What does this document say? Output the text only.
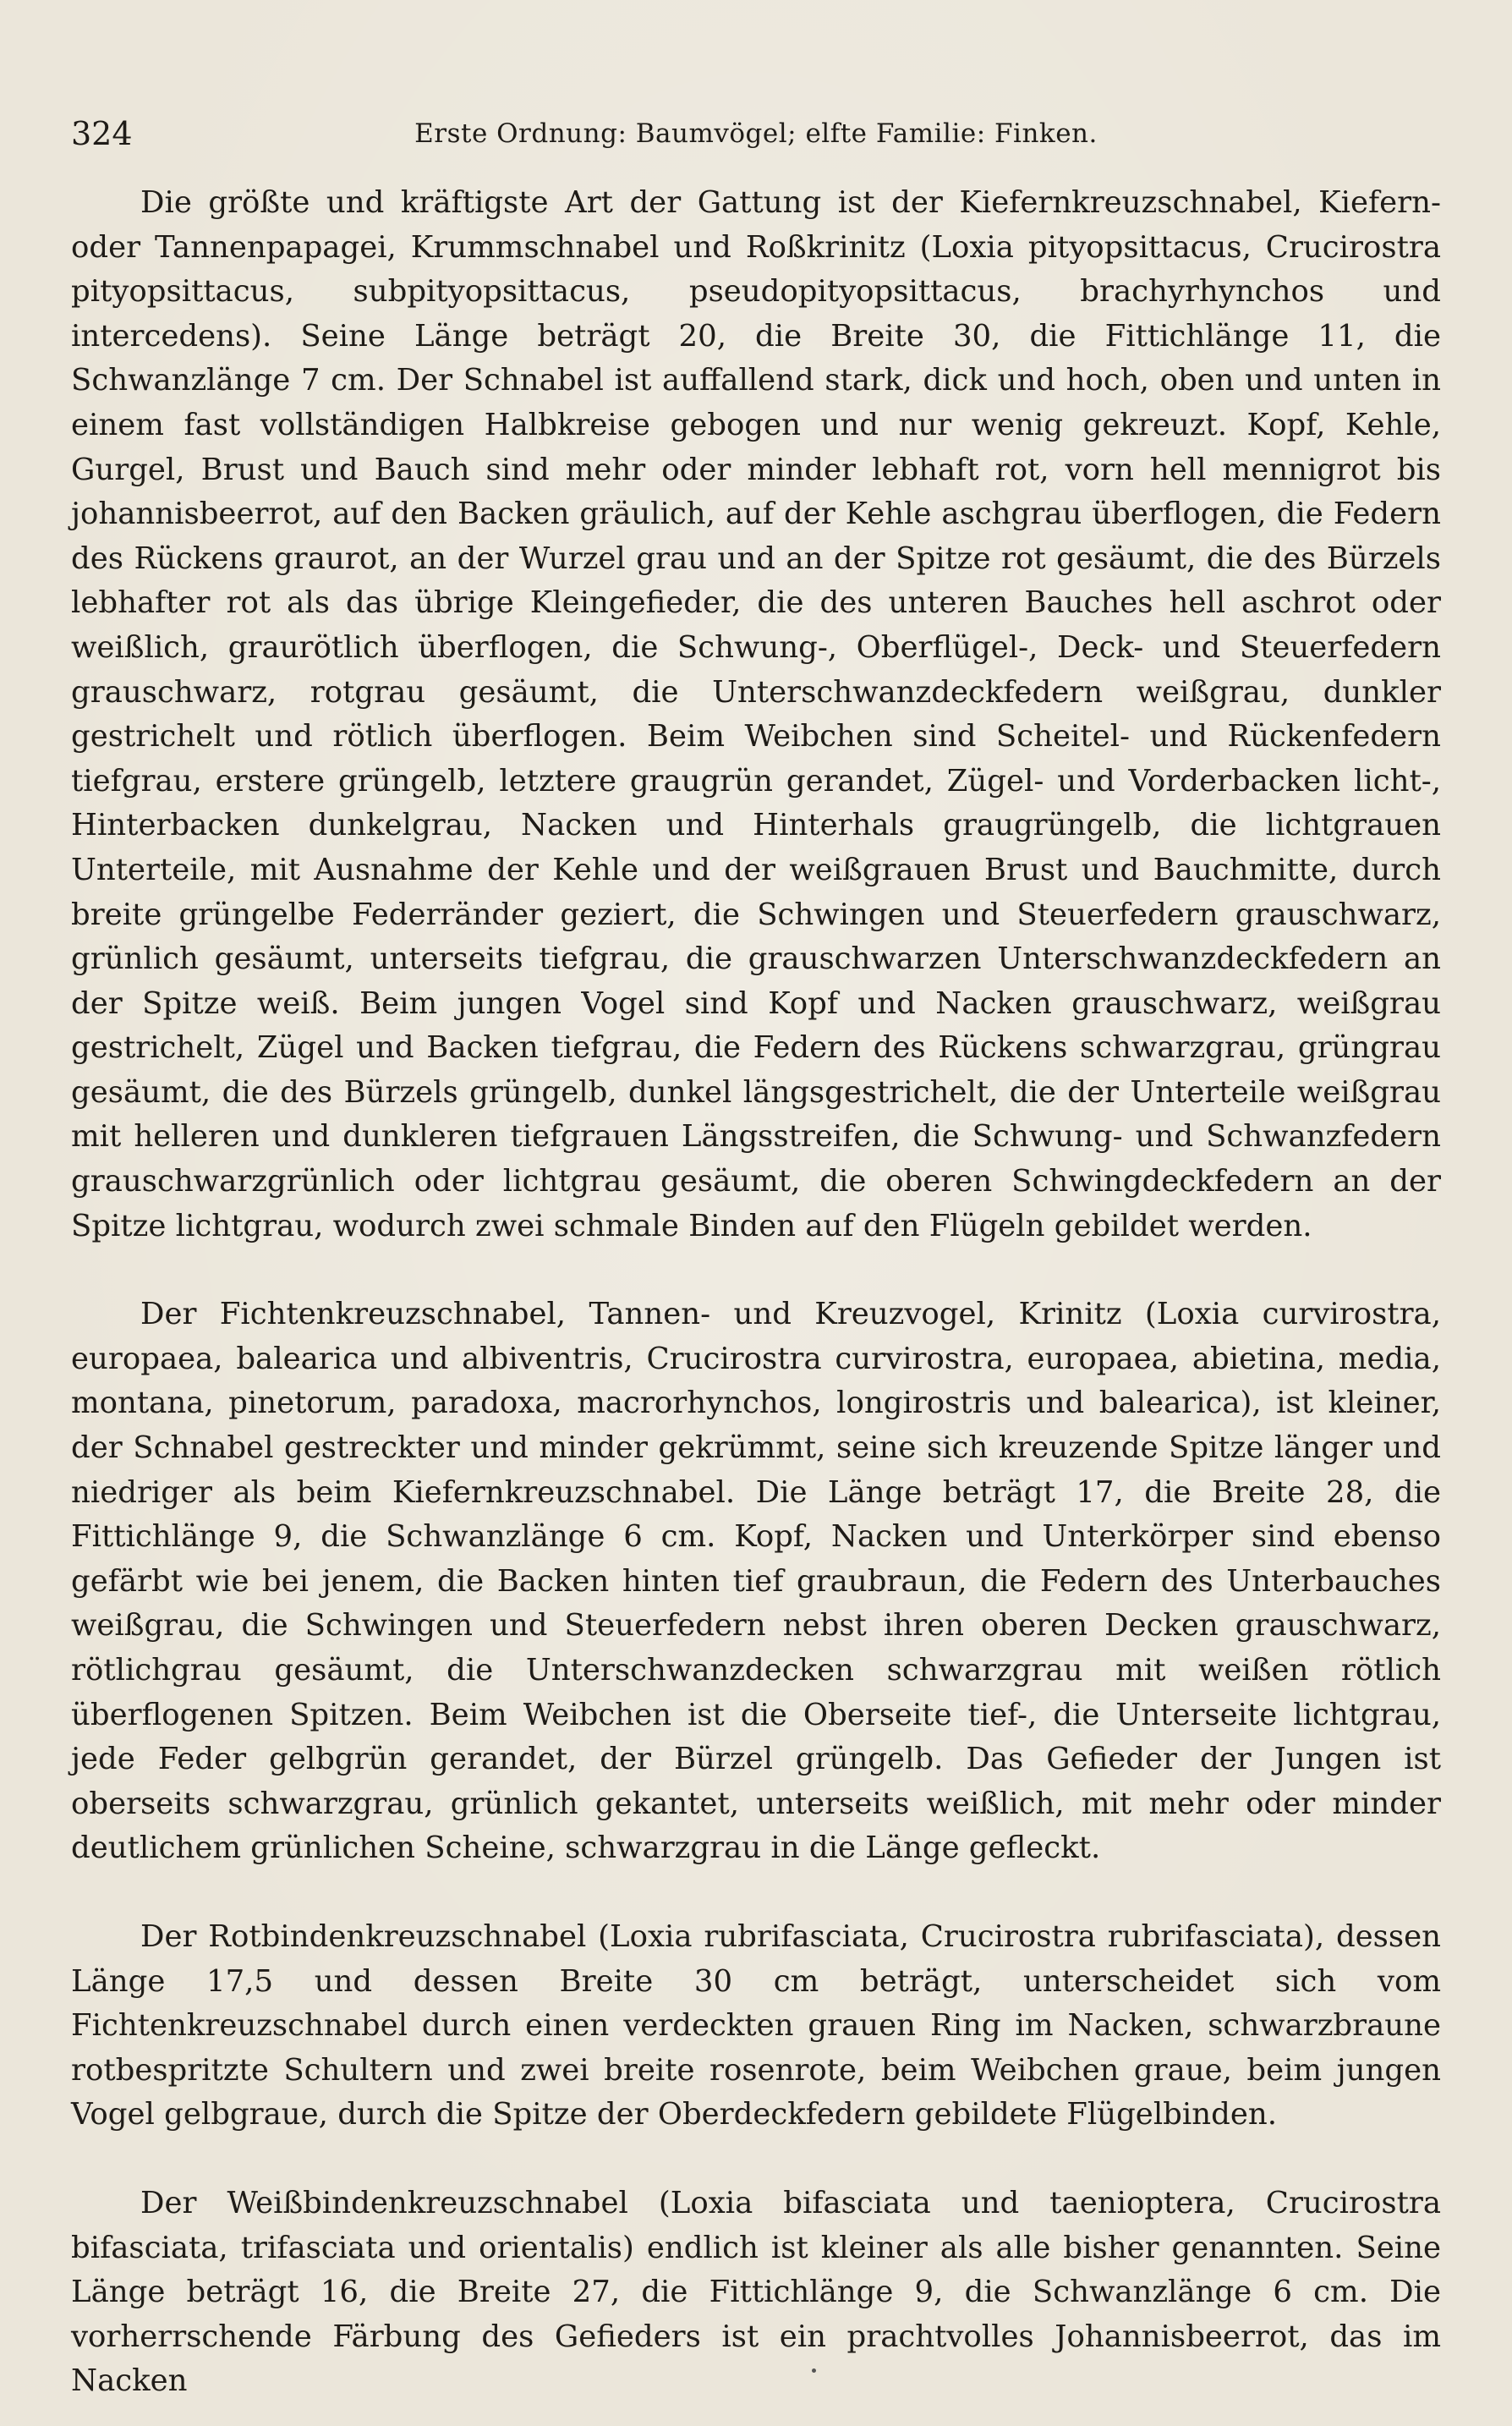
324	Erste Ordnung: Baumvögel; elfte Familie: Finken.

Die größte und kräftigste Art der Gattung ist der Kiefernkreuzschnabel, Kiefern- oder Tannenpapagei, Krummschnabel und Roßkrinitz (Loxia pityopsittacus, Crucirostra pityopsittacus, subpityopsittacus, pseudopityopsittacus, brachyrhynchos und intercedens). Seine Länge beträgt 20, die Breite 30, die Fittichlänge 11, die Schwanzlänge 7 cm. Der Schnabel ist auffallend stark, dick und hoch, oben und unten in einem fast vollständigen Halbkreise gebogen und nur wenig gekreuzt. Kopf, Kehle, Gurgel, Brust und Bauch sind mehr oder minder lebhaft rot, vorn hell mennigrot bis johannisbeerrot, auf den Backen gräulich, auf der Kehle aschgrau überflogen, die Federn des Rückens graurot, an der Wurzel grau und an der Spitze rot gesäumt, die des Bürzels lebhafter rot als das übrige Kleingefieder, die des unteren Bauches hell aschrot oder weißlich, graurötlich überflogen, die Schwung-, Oberflügel-, Deck- und Steuerfedern grauschwarz, rotgrau gesäumt, die Unterschwanzdeckfedern weißgrau, dunkler gestrichelt und rötlich überflogen. Beim Weibchen sind Scheitel- und Rückenfedern tiefgrau, erstere grüngelb, letztere graugrün gerandet, Zügel- und Vorderbacken licht-, Hinterbacken dunkelgrau, Nacken und Hinterhals graugrüngelb, die lichtgrauen Unterteile, mit Ausnahme der Kehle und der weißgrauen Brust und Bauchmitte, durch breite grüngelbe Federränder geziert, die Schwingen und Steuerfedern grauschwarz, grünlich gesäumt, unterseits tiefgrau, die grauschwarzen Unterschwanzdeckfedern an der Spitze weiß. Beim jungen Vogel sind Kopf und Nacken grauschwarz, weißgrau gestrichelt, Zügel und Backen tiefgrau, die Federn des Rückens schwarzgrau, grüngrau gesäumt, die des Bürzels grüngelb, dunkel längsgestrichelt, die der Unterteile weißgrau mit helleren und dunkleren tiefgrauen Längsstreifen, die Schwung- und Schwanzfedern grauschwarzgrünlich oder lichtgrau gesäumt, die oberen Schwingdeckfedern an der Spitze lichtgrau, wodurch zwei schmale Binden auf den Flügeln gebildet werden.

Der Fichtenkreuzschnabel, Tannen- und Kreuzvogel, Krinitz (Loxia curvirostra, europaea, balearica und albiventris, Crucirostra curvirostra, europaea, abietina, media, montana, pinetorum, paradoxa, macrorhynchos, longirostris und balearica), ist kleiner, der Schnabel gestreckter und minder gekrümmt, seine sich kreuzende Spitze länger und niedriger als beim Kiefernkreuzschnabel. Die Länge beträgt 17, die Breite 28, die Fittichlänge 9, die Schwanzlänge 6 cm. Kopf, Nacken und Unterkörper sind ebenso gefärbt wie bei jenem, die Backen hinten tief graubraun, die Federn des Unterbauches weißgrau, die Schwingen und Steuerfedern nebst ihren oberen Decken grauschwarz, rötlichgrau gesäumt, die Unterschwanzdecken schwarzgrau mit weißen rötlich überflogenen Spitzen. Beim Weibchen ist die Oberseite tief-, die Unterseite lichtgrau, jede Feder gelbgrün gerandet, der Bürzel grüngelb. Das Gefieder der Jungen ist oberseits schwarzgrau, grünlich gekantet, unterseits weißlich, mit mehr oder minder deutlichem grünlichen Scheine, schwarzgrau in die Länge gefleckt.

Der Rotbindenkreuzschnabel (Loxia rubrifasciata, Crucirostra rubrifasciata), dessen Länge 17,5 und dessen Breite 30 cm beträgt, unterscheidet sich vom Fichtenkreuzschnabel durch einen verdeckten grauen Ring im Nacken, schwarzbraune rotbespritzte Schultern und zwei breite rosenrote, beim Weibchen graue, beim jungen Vogel gelbgraue, durch die Spitze der Oberdeckfedern gebildete Flügelbinden.

Der Weißbindenkreuzschnabel (Loxia bifasciata und taenioptera, Crucirostra bifasciata, trifasciata und orientalis) endlich ist kleiner als alle bisher genannten. Seine Länge beträgt 16, die Breite 27, die Fittichlänge 9, die Schwanzlänge 6 cm. Die vorherrschende Färbung des Gefieders ist ein prachtvolles Johannisbeerrot, das im Nacken
